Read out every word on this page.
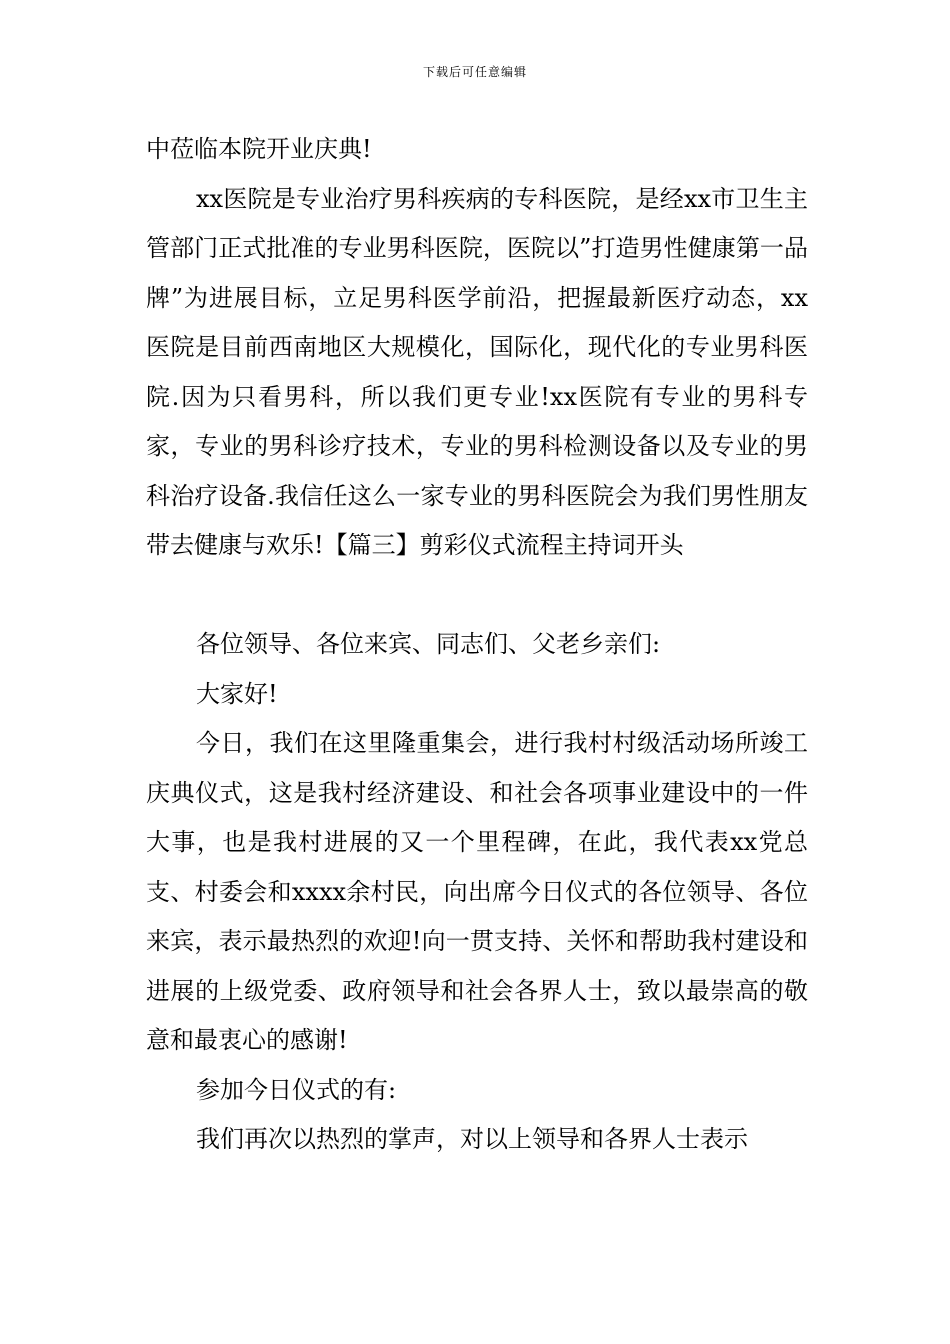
下载后可任意编辑

中莅临本院开业庆典!

xx医院是专业治疗男科疾病的专科医院，是经xx市卫生主管部门正式批准的专业男科医院，医院以”打造男性健康第一品牌”为进展目标，立足男科医学前沿，把握最新医疗动态，xx医院是目前西南地区大规模化，国际化，现代化的专业男科医院.因为只看男科，所以我们更专业!xx医院有专业的男科专家，专业的男科诊疗技术，专业的男科检测设备以及专业的男科治疗设备.我信任这么一家专业的男科医院会为我们男性朋友带去健康与欢乐!【篇三】剪彩仪式流程主持词开头

各位领导、各位来宾、同志们、父老乡亲们:

大家好!

今日，我们在这里隆重集会，进行我村村级活动场所竣工庆典仪式，这是我村经济建设、和社会各项事业建设中的一件大事，也是我村进展的又一个里程碑，在此，我代表xx党总支、村委会和xxxx余村民，向出席今日仪式的各位领导、各位来宾，表示最热烈的欢迎!向一贯支持、关怀和帮助我村建设和进展的上级党委、政府领导和社会各界人士，致以最崇高的敬意和最衷心的感谢!

参加今日仪式的有:

我们再次以热烈的掌声，对以上领导和各界人士表示
